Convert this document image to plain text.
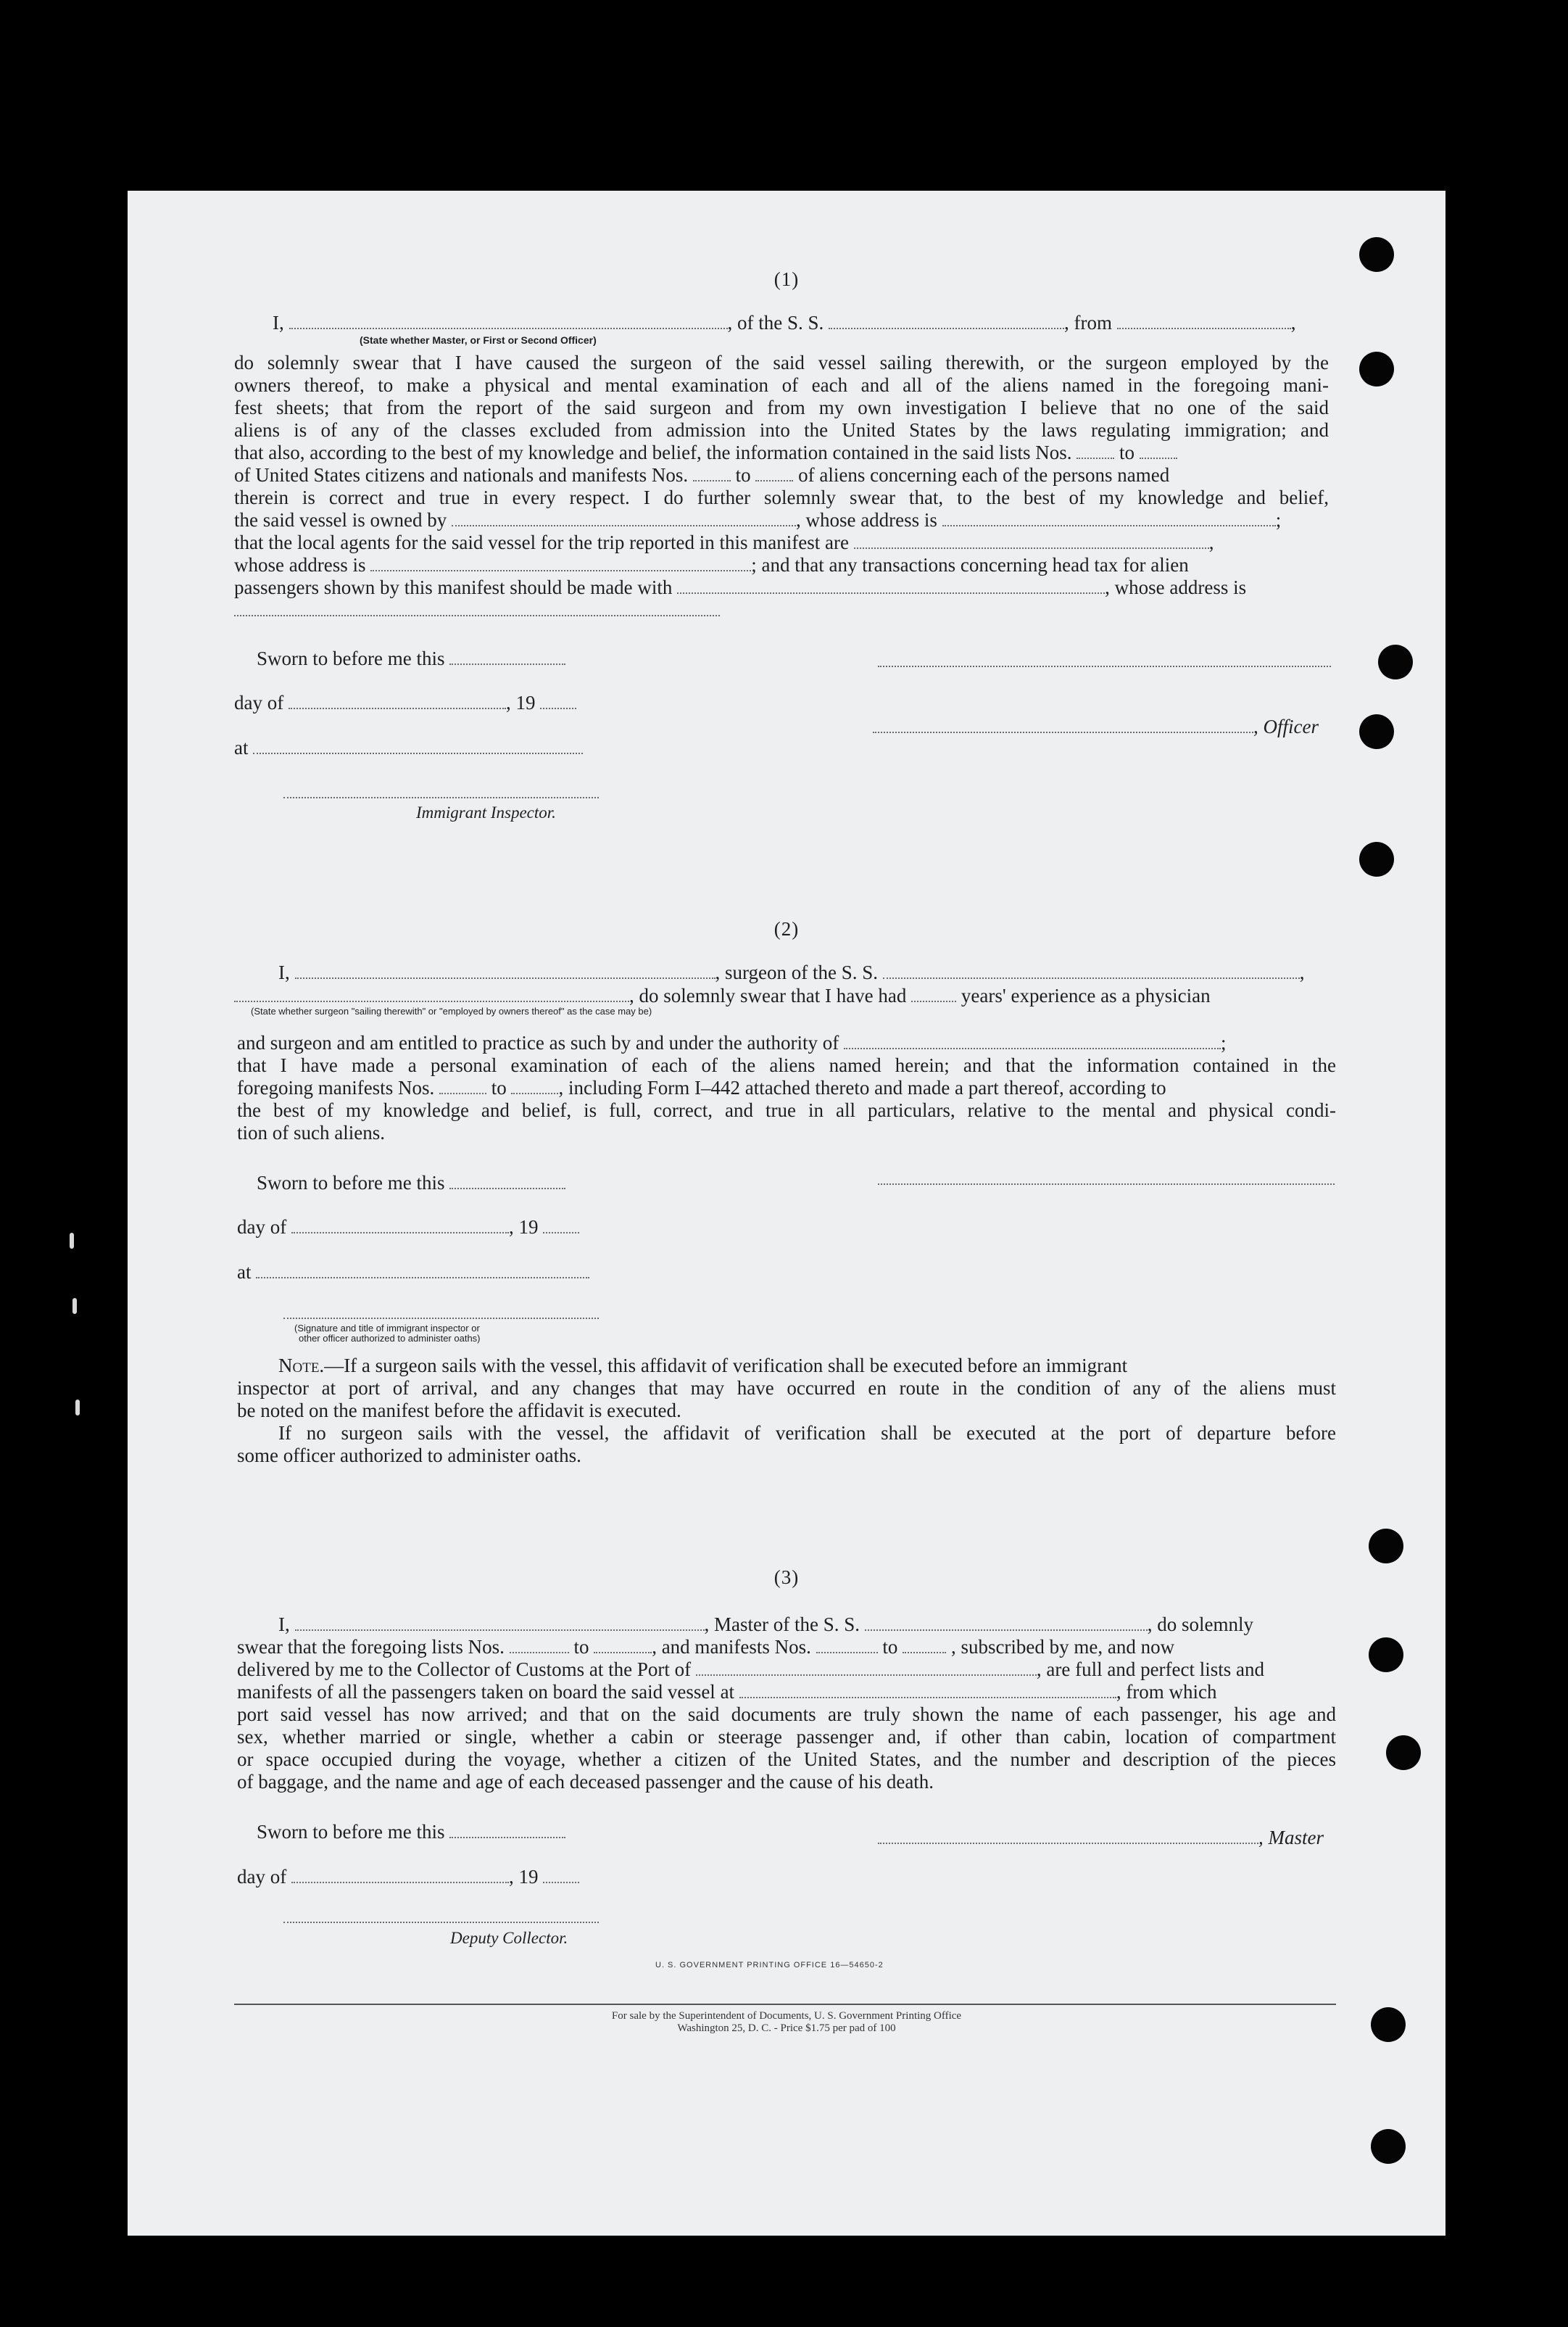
(1)
I,	, of the S. S.	, from	,
(State whether Master, or First or Second Officer)
do solemnly swear that I have caused the surgeon of the said vessel sailing therewith, or the surgeon employed by the
owners thereof, to make a physical and mental examination of each and all of the aliens named in the foregoing mani-
fest sheets; that from the report of the said surgeon and from my own investigation I believe that no one of the said
aliens is of any of the classes excluded from admission into the United States by the laws regulating immigration; and
that also, according to the best of my knowledge and belief, the information contained in the said lists Nos. to
of United States citizens and nationals and manifests Nos. to of aliens concerning each of the persons named
therein is correct and true in every respect. I do further solemnly swear that, to the best of my knowledge and belief,
the said vessel is owned by	, whose address is	;
that the local agents for the said vessel for the trip reported in this manifest are	,
whose address is	; and that any transactions concerning head tax for alien
passengers shown by this manifest should be made with	, whose address is
Sworn to before me this
day of	, 19
, Officer
at
Immigrant Inspector.
(2)
I,	, surgeon of the S. S.	,
, do solemnly swear that I have had	years' experience as a physician
(State whether surgeon "sailing therewith" or "employed by owners thereof" as the case may be)
and surgeon and am entitled to practice as such by and under the authority of	;
that I have made a personal examination of each of the aliens named herein; and that the information contained in the
foregoing manifests Nos.	to	, including Form I–442 attached thereto and made a part thereof, according to
the best of my knowledge and belief, is full, correct, and true in all particulars, relative to the mental and physical condi-
tion of such aliens.
Sworn to before me this
day of	, 19
at
(Signature and title of immigrant inspector or
other officer authorized to administer oaths)
Note.—If a surgeon sails with the vessel, this affidavit of verification shall be executed before an immigrant
inspector at port of arrival, and any changes that may have occurred en route in the condition of any of the aliens must
be noted on the manifest before the affidavit is executed.
If no surgeon sails with the vessel, the affidavit of verification shall be executed at the port of departure before
some officer authorized to administer oaths.
(3)
I,	, Master of the S. S.	, do solemnly
swear that the foregoing lists Nos.	to	, and manifests Nos.	to	, subscribed by me, and now
delivered by me to the Collector of Customs at the Port of	, are full and perfect lists and
manifests of all the passengers taken on board the said vessel at	, from which
port said vessel has now arrived; and that on the said documents are truly shown the name of each passenger, his age and
sex, whether married or single, whether a cabin or steerage passenger and, if other than cabin, location of compartment
or space occupied during the voyage, whether a citizen of the United States, and the number and description of the pieces
of baggage, and the name and age of each deceased passenger and the cause of his death.
Sworn to before me this	, Master
day of	, 19
Deputy Collector.
U. S. GOVERNMENT PRINTING OFFICE 16—54650-2
For sale by the Superintendent of Documents, U. S. Government Printing Office
Washington 25, D. C. - Price $1.75 per pad of 100
